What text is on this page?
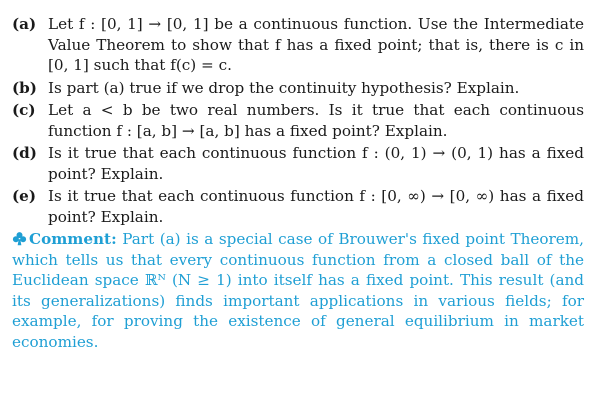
(a) Let f : [0, 1] → [0, 1] be a continuous function. Use the Intermediate Value Theorem to show that f has a fixed point; that is, there is c in [0, 1] such that f(c) = c.
(b) Is part (a) true if we drop the continuity hypothesis? Explain.
(c) Let a < b be two real numbers. Is it true that each continuous function f : [a, b] → [a, b] has a fixed point? Explain.
(d) Is it true that each continuous function f : (0, 1) → (0, 1) has a fixed point? Explain.
(e) Is it true that each continuous function f : [0, ∞) → [0, ∞) has a fixed point? Explain.
Comment: Part (a) is a special case of Brouwer's fixed point Theorem, which tells us that every continuous function from a closed ball of the Euclidean space ℝᴺ (N ≥ 1) into itself has a fixed point. This result (and its generalizations) finds important applications in various fields; for example, for proving the existence of general equilibrium in market economies.
